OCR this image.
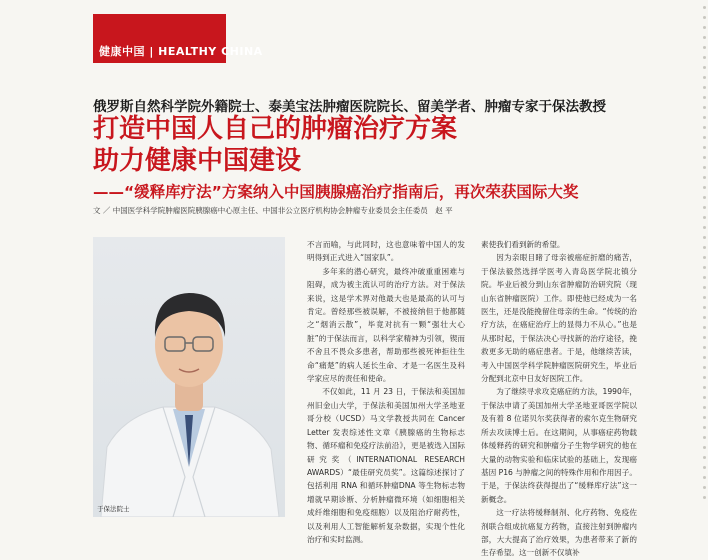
健康中国 | HEALTHY CHINA
俄罗斯自然科学院外籍院士、泰美宝法肿瘤医院院长、留美学者、肿瘤专家于保法教授
打造中国人自己的肿瘤治疗方案
助力健康中国建设
——“缓释库疗法”方案纳入中国胰腺癌治疗指南后，再次荣获国际大奖
文 ／ 中国医学科学院肿瘤医院胰腺癌中心原主任、中国非公立医疗机构协会肿瘤专业委员会主任委员　赵 平
于保法院士

不言而喻，与此同时，这也意味着中国人的发明得到正式进入“国家队”。

多年来的潜心研究，最终冲破重重困难与阻碍，成为被主流认可的治疗方法。对于保法来说，这是学术界对他最大也是最高的认可与肯定。曾经那些被误解，不被接纳但于他都随之“烟消云散”，毕竟对抗有一颗“强壮大心脏”的于保法而言，以科学家精神为引领，锲而不舍且不畏众多患者，帮助那些被死神拒往生命“痛楚”的病人延长生命、才是一名医生及科学家应尽的责任和使命。

不仅如此，11 月 23 日，于保法和美国加州旧金山大学，于保法和美国加州大学圣地亚哥分校（UCSD）马文学教授共同在 Cancer Letter 发表综述性文章《胰腺癌的生物标志物、循环瘤和免疫疗法前沿》，更是被选入国际研究奖（INTERNATIONAL RESEARCH AWARDS）“最佳研究员奖”。这篇综述探讨了包括利用 RNA 和循环肿瘤DNA 等生物标志物增就早期诊断、分析肿瘤微环境（如细胞相关成纤维细胞和免疫细胞）以及阻治疗耐药性，以及利用人工智能解析复杂数据，实现个性化治疗和实时监测。

素使我们看到新的希望。

因为亲眼目睹了母亲被癌症折磨的痛苦，于保法毅然选择学医考入青岛医学院北镇分院。毕业后被分到山东省肿瘤防治研究院（现山东省肿瘤医院）工作。即使他已经成为一名医生，还是没能挽留住母亲的生命。“传统的治疗方法，在癌症治疗上的显得力不从心。”也是从那时起，于保法决心寻找新的治疗途径，挽救更多无助的癌症患者。于是，他继续苦读，考入中国医学科学院肿瘤医院研究生，毕业后分配到北京中日友好医院工作。

为了继续寻求攻克癌症的方法，1990年，于保法申请了美国加州大学圣地亚哥医学院以及有着 8 位诺贝尔奖获得者的索尔克生物研究所去攻读博士后。在这期间，从事癌症药物载体缓释药的研究和肿瘤分子生物学研究的他在大量的动物实验和临床试验的基础上，发现癌基因 P16 与肿瘤之间的特殊作用和作用因子。于是，于保法终获得提出了“缓释库疗法”这一新概念。

这一疗法将缓释制剂、化疗药物、免疫佐剂联合组成抗癌复方药物，直接注射到肿瘤内部，大大提高了治疗效果，为患者带来了新的生存希望。这一创新不仅填补
